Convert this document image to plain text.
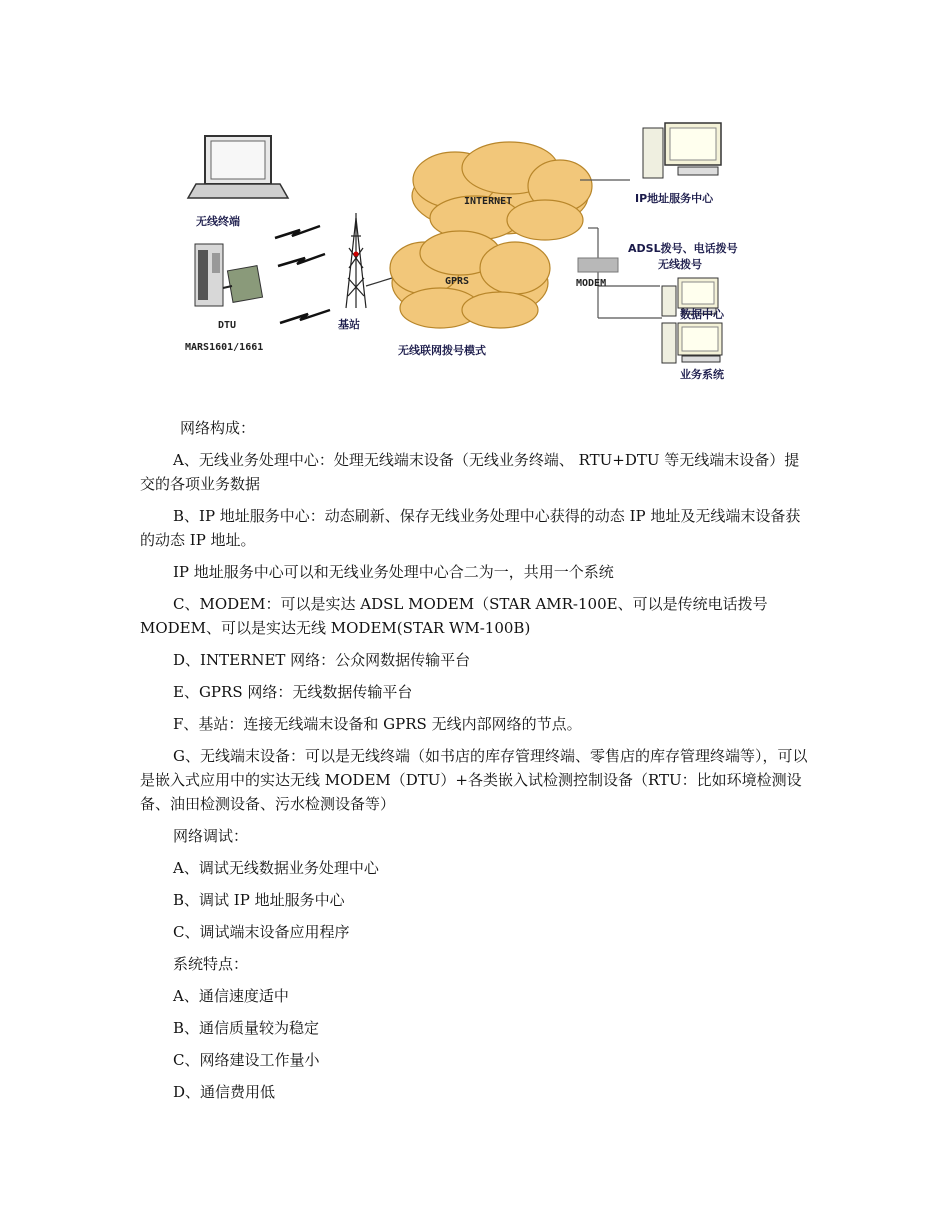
无线终端
DTU
MARS1601/1661
基站
INTERNET
GPRS
无线联网拨号模式
MODEM
IP地址服务中心
ADSL拨号、电话拨号
无线拨号
数据中心
业务系统

网络构成：

A、无线业务处理中心：处理无线端末设备（无线业务终端、 RTU+DTU 等无线端末设备）提交的各项业务数据

B、IP 地址服务中心：动态刷新、保存无线业务处理中心获得的动态 IP 地址及无线端末设备获的动态 IP 地址。

IP 地址服务中心可以和无线业务处理中心合二为一，共用一个系统

C、MODEM：可以是实达 ADSL MODEM（STAR AMR-100E、可以是传统电话拨号 MODEM、可以是实达无线 MODEM(STAR WM-100B)

D、INTERNET 网络：公众网数据传输平台

E、GPRS 网络：无线数据传输平台

F、基站：连接无线端末设备和 GPRS 无线内部网络的节点。

G、无线端末设备：可以是无线终端（如书店的库存管理终端、零售店的库存管理终端等），可以是嵌入式应用中的实达无线 MODEM（DTU）+各类嵌入试检测控制设备（RTU：比如环境检测设备、油田检测设备、污水检测设备等）

网络调试：

A、调试无线数据业务处理中心

B、调试 IP 地址服务中心

C、调试端末设备应用程序

系统特点：

A、通信速度适中

B、通信质量较为稳定

C、网络建设工作量小

D、通信费用低
